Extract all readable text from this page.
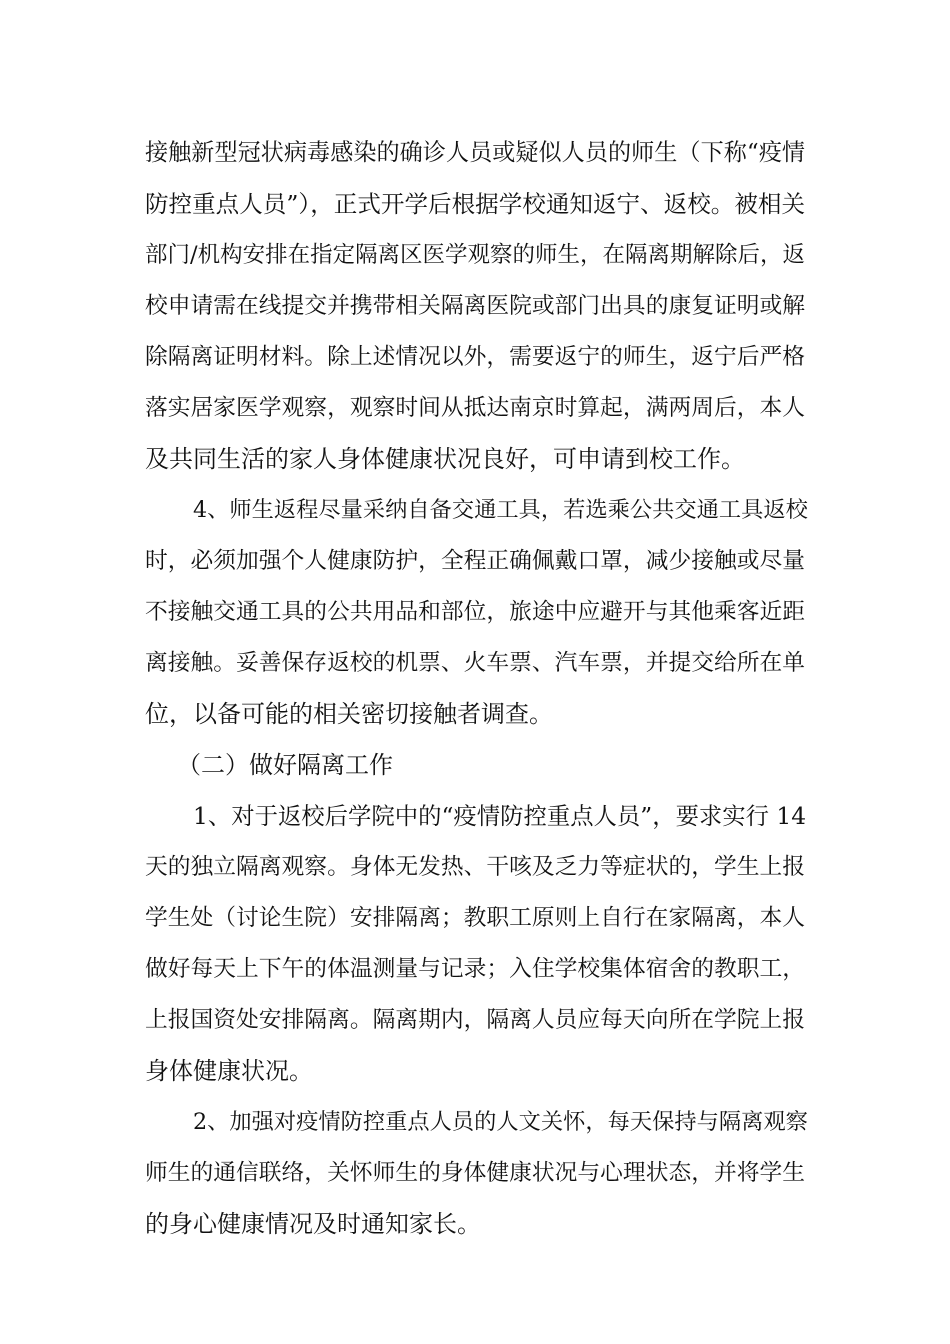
接触新型冠状病毒感染的确诊人员或疑似人员的师生（下称“疫情
防控重点人员”），正式开学后根据学校通知返宁、返校。被相关
部门/机构安排在指定隔离区医学观察的师生，在隔离期解除后，返
校申请需在线提交并携带相关隔离医院或部门出具的康复证明或解
除隔离证明材料。除上述情况以外，需要返宁的师生，返宁后严格
落实居家医学观察，观察时间从抵达南京时算起，满两周后，本人
及共同生活的家人身体健康状况良好，可申请到校工作。
4、师生返程尽量采纳自备交通工具，若选乘公共交通工具返校
时，必须加强个人健康防护，全程正确佩戴口罩，减少接触或尽量
不接触交通工具的公共用品和部位，旅途中应避开与其他乘客近距
离接触。妥善保存返校的机票、火车票、汽车票，并提交给所在单
位，以备可能的相关密切接触者调查。
（二）做好隔离工作
1、对于返校后学院中的“疫情防控重点人员”，要求实行 14
天的独立隔离观察。身体无发热、干咳及乏力等症状的，学生上报
学生处（讨论生院）安排隔离；教职工原则上自行在家隔离，本人
做好每天上下午的体温测量与记录；入住学校集体宿舍的教职工，
上报国资处安排隔离。隔离期内，隔离人员应每天向所在学院上报
身体健康状况。
2、加强对疫情防控重点人员的人文关怀，每天保持与隔离观察
师生的通信联络，关怀师生的身体健康状况与心理状态，并将学生
的身心健康情况及时通知家长。
